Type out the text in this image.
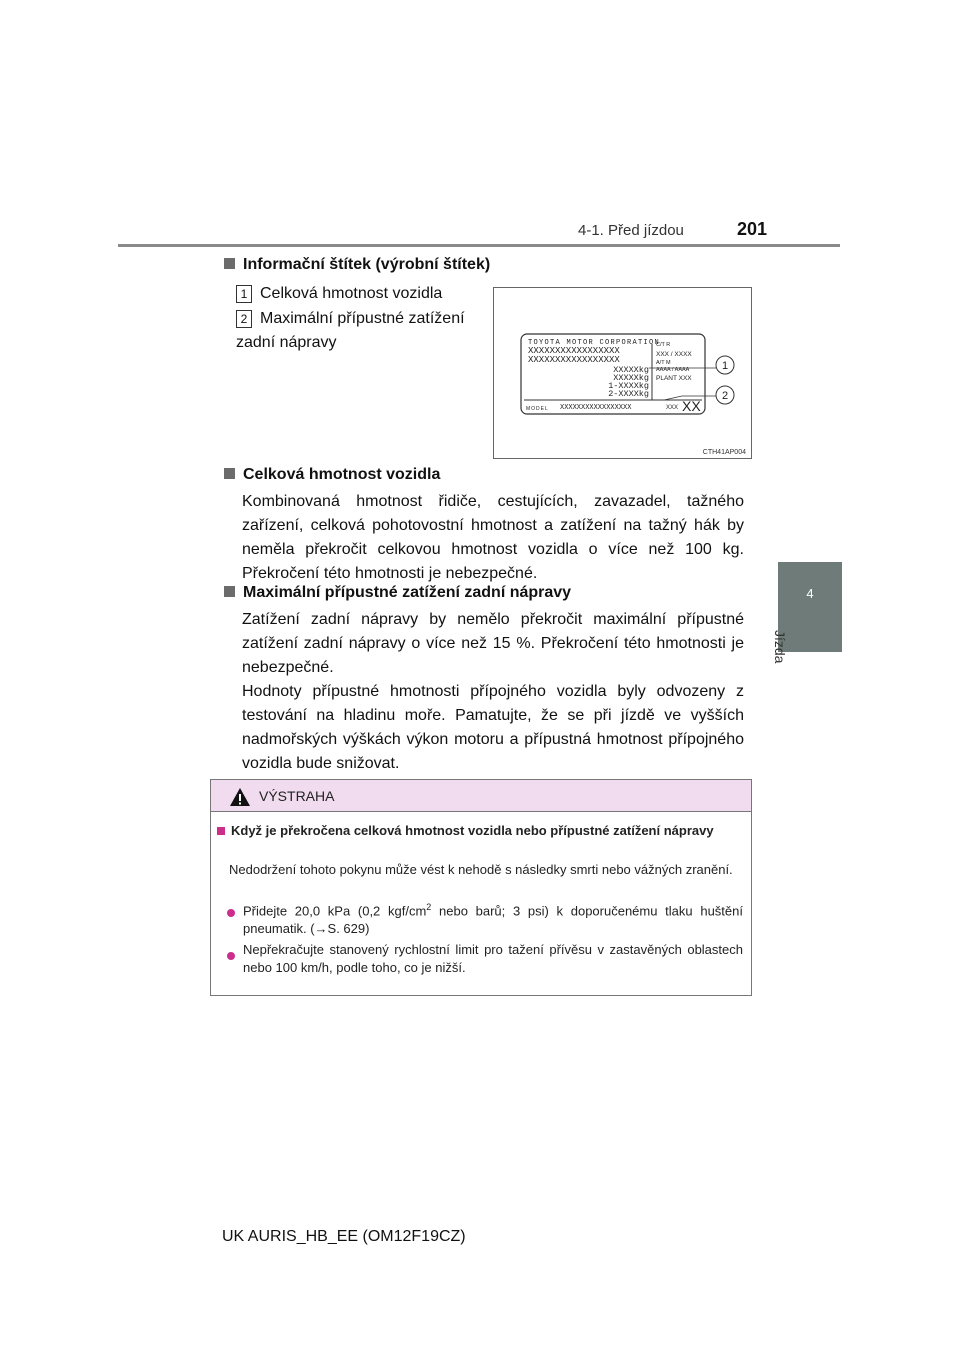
4-1. Před jízdou	201
4
Jízda
Informační štítek (výrobní štítek)
1 Celková hmotnost vozidla
2 Maximální přípustné zatížení zadní nápravy	TOYOTA MOTOR CORPORATION
XXXXXXXXXXXXXXXXX
XXXXXXXXXXXXXXXXX
XXXXXkg
XXXXXkg
1-XXXXkg
2-XXXXkg
C/T R
XXX / XXXX
A/T M
AAAA / AAAA
PLANT XXX
MODEL XXXXXXXXXXXXXXXXX	XXX XX
1
2
CTH41AP004
Celková hmotnost vozidla
Kombinovaná hmotnost řidiče, cestujících, zavazadel, tažného zařízení, celková pohotovostní hmotnost a zatížení na tažný hák by neměla překročit celkovou hmotnost vozidla o více než 100 kg. Překročení této hmotnosti je nebezpečné.
Maximální přípustné zatížení zadní nápravy
Zatížení zadní nápravy by nemělo překročit maximální přípustné zatížení zadní nápravy o více než 15 %. Překročení této hmotnosti je nebezpečné.
Hodnoty přípustné hmotnosti přípojného vozidla byly odvozeny z testování na hladinu moře. Pamatujte, že se při jízdě ve vyšších nadmořských výškách výkon motoru a přípustná hmotnost přípojného vozidla bude snižovat.
VÝSTRAHA
Když je překročena celková hmotnost vozidla nebo přípustné zatížení nápravy
Nedodržení tohoto pokynu může vést k nehodě s následky smrti nebo vážných zranění.
Přidejte 20,0 kPa (0,2 kgf/$cm^2$ nebo barů; 3 psi) k doporučenému tlaku huštění pneumatik. (→S. 629)
Nepřekračujte stanovený rychlostní limit pro tažení přívěsu v zastavěných oblastech nebo 100 km/h, podle toho, co je nižší.
UK AURIS_HB_EE (OM12F19CZ)
